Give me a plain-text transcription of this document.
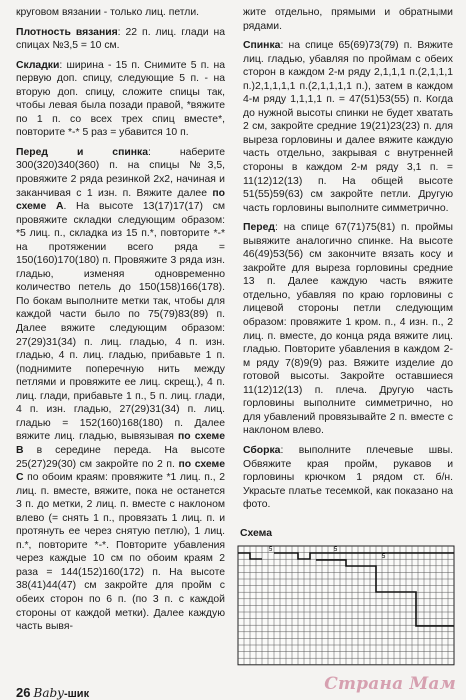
круговом вязании - только лиц. петли.

Плотность вязания: 22 п. лиц. глади на спицах №3,5 = 10 см.

Складки: ширина - 15 п. Снимите 5 п. на первую доп. спицу, следующие 5 п. - на вторую доп. спицу, сложите спицы так, чтобы левая была позади правой, *вяжите по 1 п. со всех трех спиц вместе*, повторите *-* 5 раз = убавится 10 п.

Перед и спинка: наберите 300(320)340(360) п. на спицы №3,5, провяжите 2 ряда резинкой 2х2, начиная и заканчивая с 1 изн. п. Вяжите далее по схеме А. На высоте 13(17)17(17) см провяжите складки следующим образом: *5 лиц. п., складка из 15 п.*, повторите *-* на протяжении всего ряда = 150(160)170(180) п. Провяжите 3 ряда изн. гладью, изменяя одновременно количество петель до 150(158)166(178). По бокам выполните метки так, чтобы для каждой части было по 75(79)83(89) п. Далее вяжите следующим образом: 27(29)31(34) п. лиц. гладью, 4 п. изн. гладью, 4 п. лиц. гладью, прибавьте 1 п. (поднимите поперечную нить между петлями и провяжите ее лиц. скрещ.), 4 п. лиц. глади, прибавьте 1 п., 5 п. лиц. глади, 4 п. изн. гладью, 27(29)31(34) п. лиц. гладью = 152(160)168(180) п. Далее вяжите лиц. гладью, вывязывая по схеме В в середине переда. На высоте 25(27)29(30) см закройте по 2 п. по схеме С по обоим краям: провяжите *1 лиц. п., 2 лиц. п. вместе, вяжите, пока не останется 3 п. до метки, 2 лиц. п. вместе с наклоном влево (= снять 1 п., провязать 1 лиц. п. и протянуть ее через снятую петлю), 1 лиц. п.*, повторите *-*. Повторите убавления через каждые 10 см по обоим краям 2 раза = 144(152)160(172) п. На высоте 38(41)44(47) см закройте для пройм с обеих сторон по 6 п. (по 3 п. с каждой стороны от каждой метки). Далее каждую часть вывя-

жите отдельно, прямыми и обратными рядами.

Спинка: на спице 65(69)73(79) п. Вяжите лиц. гладью, убавляя по проймам с обеих сторон в каждом 2-м ряду 2,1,1,1 п.(2,1,1,1 п.)2,1,1,1,1 п.(2,1,1,1,1 п.), затем в каждом 4-м ряду 1,1,1,1 п. = 47(51)53(55) п. Когда до нужной высоты спинки не будет хватать 2 см, закройте средние 19(21)23(23) п. для выреза горловины и далее вяжите каждую часть отдельно, закрывая с внутренней стороны в каждом 2-м ряду 3,1 п. = 11(12)12(13) п. На общей высоте 51(55)59(63) см закройте петли. Другую часть горловины выполните симметрично.

Перед: на спице 67(71)75(81) п. проймы вывяжите аналогично спинке. На высоте 46(49)53(56) см закончите вязать косу и закройте для выреза горловины средние 13 п. Далее каждую часть вяжите отдельно, убавляя по краю горловины с лицевой стороны петли следующим образом: провяжите 1 кром. п., 4 изн. п., 2 лиц. п. вместе, до конца ряда вяжите лиц. гладью. Повторите убавления в каждом 2-м ряду 7(8)9(9) раз. Вяжите изделие до готовой высоты. Закройте оставшиеся 11(12)12(13) п. плеча. Другую часть горловины выполните симметрично, но для убавлений провязывайте 2 п. вместе с наклоном влево.

Сборка: выполните плечевые швы. Обвяжите края пройм, рукавов и горловины крючком 1 рядом ст. б/н. Украсьте платье тесемкой, как показано на фото.

Схема
5	5
5
26 Baby-шик	Страна Мам
